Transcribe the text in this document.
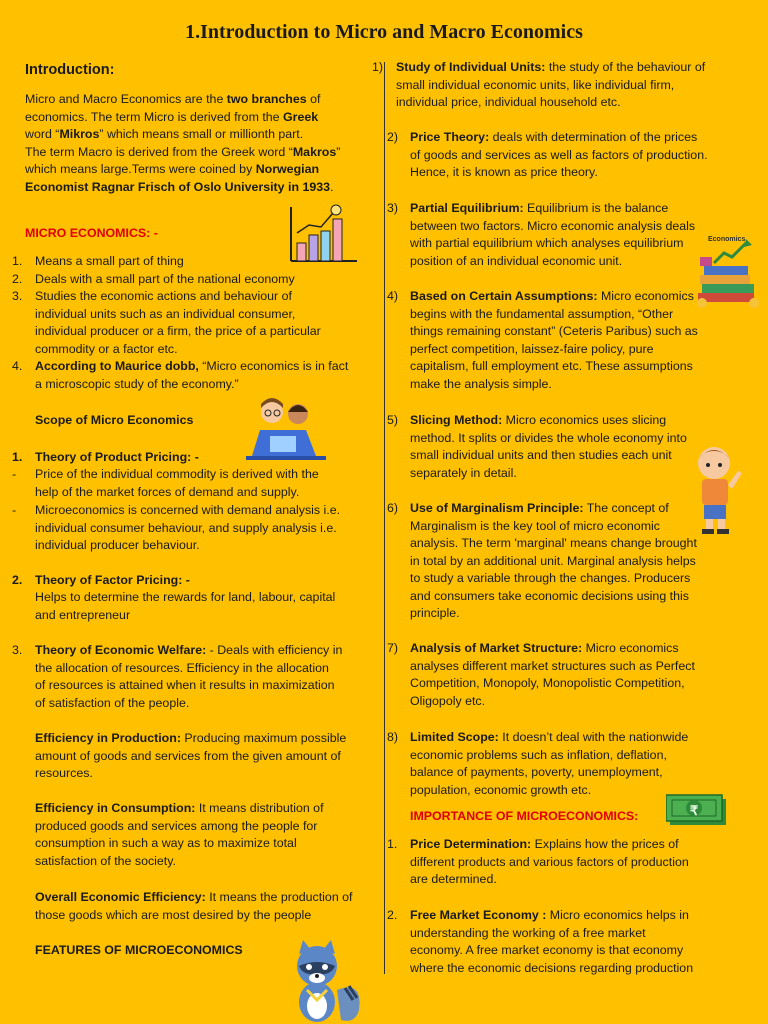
1.Introduction to Micro and Macro Economics
Introduction:
Micro and Macro Economics are the two branches of
economics. The term Micro is derived from the Greek
word “Mikros” which means small or millionth part.
The term Macro is derived from the Greek word “Makros”
which means large.Terms were coined by Norwegian
Economist Ragnar Frisch of Oslo University in 1933.
MICRO ECONOMICS: -
1. Means a small part of thing
2. Deals with a small part of the national economy
3. Studies the economic actions and behaviour of
individual units such as an individual consumer,
individual producer or a firm, the price of a particular
commodity or a factor etc.
4. According to Maurice dobb, “Micro economics is in fact
a microscopic study of the economy.”
Scope of Micro Economics
1. Theory of Product Pricing: -
- Price of the individual commodity is derived with the
help of the market forces of demand and supply.
- Microeconomics is concerned with demand analysis i.e.
individual consumer behaviour, and supply analysis i.e.
individual producer behaviour.
2. Theory of Factor Pricing: -
Helps to determine the rewards for land, labour, capital
and entrepreneur
3. Theory of Economic Welfare: - Deals with efficiency in
the allocation of resources. Efficiency in the allocation
of resources is attained when it results in maximization
of satisfaction of the people.
Efficiency in Production: Producing maximum possible
amount of goods and services from the given amount of
resources.
Efficiency in Consumption: It means distribution of
produced goods and services among the people for
consumption in such a way as to maximize total
satisfaction of the society.
Overall Economic Efficiency: It means the production of
those goods which are most desired by the people
FEATURES OF MICROECONOMICS
1) Study of Individual Units: the study of the behaviour of
small individual economic units, like individual firm,
individual price, individual household etc.
2) Price Theory: deals with determination of the prices
of goods and services as well as factors of production.
Hence, it is known as price theory.
3) Partial Equilibrium: Equilibrium is the balance
between two factors. Micro economic analysis deals
with partial equilibrium which analyses equilibrium
position of an individual economic unit.
4) Based on Certain Assumptions: Micro economics
begins with the fundamental assumption, “Other
things remaining constant” (Ceteris Paribus) such as
perfect competition, laissez-faire policy, pure
capitalism, full employment etc. These assumptions
make the analysis simple.
5) Slicing Method: Micro economics uses slicing
method. It splits or divides the whole economy into
small individual units and then studies each unit
separately in detail.
6) Use of Marginalism Principle: The concept of
Marginalism is the key tool of micro economic
analysis. The term 'marginal' means change brought
in total by an additional unit. Marginal analysis helps
to study a variable through the changes. Producers
and consumers take economic decisions using this
principle.
7) Analysis of Market Structure: Micro economics
analyses different market structures such as Perfect
Competition, Monopoly, Monopolistic Competition,
Oligopoly etc.
8) Limited Scope: It doesn’t deal with the nationwide
economic problems such as inflation, deflation,
balance of payments, poverty, unemployment,
population, economic growth etc.
Economics
IMPORTANCE OF MICROECONOMICS:	₹
1. Price Determination: Explains how the prices of
different products and various factors of production
are determined.
2. Free Market Economy : Micro economics helps in
understanding the working of a free market
economy. A free market economy is that economy
where the economic decisions regarding production
